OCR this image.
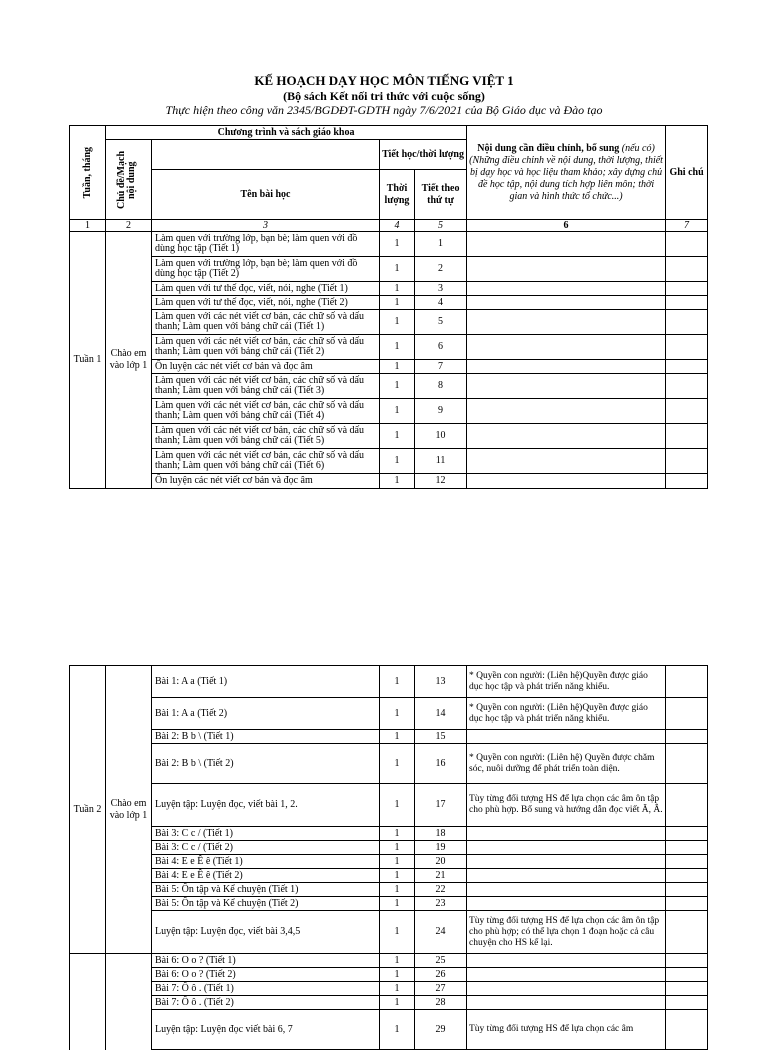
KẾ HOẠCH DẠY HỌC MÔN TIẾNG VIỆT 1
(Bộ sách Kết nối tri thức với cuộc sống)
Thực hiện theo công văn 2345/BGDĐT-GDTH ngày 7/6/2021 của Bộ Giáo dục và Đào tạo
Tuần, tháng	Chương trình và sách giáo khoa				Nội dung cần điều chỉnh, bổ sung (nếu có)(Những điều chỉnh về nội dung, thời lượng, thiết bị dạy học và học liệu tham khảo; xây dựng chủ đề học tập, nội dung tích hợp liên môn; thời gian và hình thức tổ chức...)	Ghi chú

	Chủ đề/Mạch nội dung		Tiết học/thời lượng			
		Tên bài học	Thời lượng	Tiết theo thứ tự		
1	2	3	4	5	6	7
Tuần 1	Chào em vào lớp 1	Làm quen với trường lớp, bạn bè; làm quen với đồ dùng học tập (Tiết 1)	1	1		
		Làm quen với trường lớp, bạn bè; làm quen với đồ dùng học tập (Tiết 2)	1	2		
		Làm quen với tư thế đọc, viết, nói, nghe (Tiết 1)	1	3		
		Làm quen với tư thế đọc, viết, nói, nghe (Tiết 2)	1	4		
		Làm quen với các nét viết cơ bản, các chữ số và dấu thanh; Làm quen với bảng chữ cái (Tiết 1)	1	5		
		Làm quen với các nét viết cơ bản, các chữ số và dấu thanh; Làm quen với bảng chữ cái (Tiết 2)	1	6		
		Ôn luyện các nét viết cơ bản và đọc âm	1	7		
		Làm quen với các nét viết cơ bản, các chữ số và dấu thanh; Làm quen với bảng chữ cái (Tiết 3)	1	8		
		Làm quen với các nét viết cơ bản, các chữ số và dấu thanh; Làm quen với bảng chữ cái (Tiết 4)	1	9		
		Làm quen với các nét viết cơ bản, các chữ số và dấu thanh; Làm quen với bảng chữ cái (Tiết 5)	1	10		
		Làm quen với các nét viết cơ bản, các chữ số và dấu thanh; Làm quen với bảng chữ cái (Tiết 6)	1	11		
		Ôn luyện các nét viết cơ bản và đọc âm	1	12		
Tuần 2	Chào em vào lớp 1	Bài 1: A a (Tiết 1)	1	13	* Quyền con người: (Liên hệ)Quyền được giáo dục học tập và phát triển năng khiếu.	
		Bài 1: A a (Tiết 2)	1	14	* Quyền con người: (Liên hệ)Quyền được giáo dục học tập và phát triển năng khiếu.	
		Bài 2: B b \ (Tiết 1)	1	15		
		Bài 2: B b \ (Tiết 2)	1	16	* Quyền con người: (Liên hệ) Quyền được chăm sóc, nuôi dưỡng để phát triển toàn diện.	
		Luyện tập: Luyện đọc, viết bài 1, 2.	1	17	Tùy từng đối tượng HS để lựa chọn các âm ôn tập cho phù hợp. Bổ sung và hướng dẫn đọc viết Ă, Â.	
		Bài 3: C c / (Tiết 1)	1	18		
		Bài 3: C c / (Tiết 2)	1	19		
		Bài 4: E e Ê ê (Tiết 1)	1	20		
		Bài 4: E e Ê ê (Tiết 2)	1	21		
		Bài 5: Ôn tập và Kể chuyện (Tiết 1)	1	22		
		Bài 5: Ôn tập và Kể chuyện (Tiết 2)	1	23		
		Luyện tập: Luyện đọc, viết bài 3,4,5	1	24	Tùy từng đối tượng HS để lựa chọn các âm ôn tập cho phù hợp; có thể lựa chọn 1 đoạn hoặc cả câu chuyện cho HS kể lại.	
		Bài 6: O o ? (Tiết 1)	1	25		
		Bài 6: O o ? (Tiết 2)	1	26		
		Bài 7: Ô ô . (Tiết 1)	1	27		
		Bài 7: Ô ô . (Tiết 2)	1	28		
		Luyện tập: Luyện đọc viết bài 6, 7	1	29	Tùy từng đối tượng HS để lựa chọn các âm	
